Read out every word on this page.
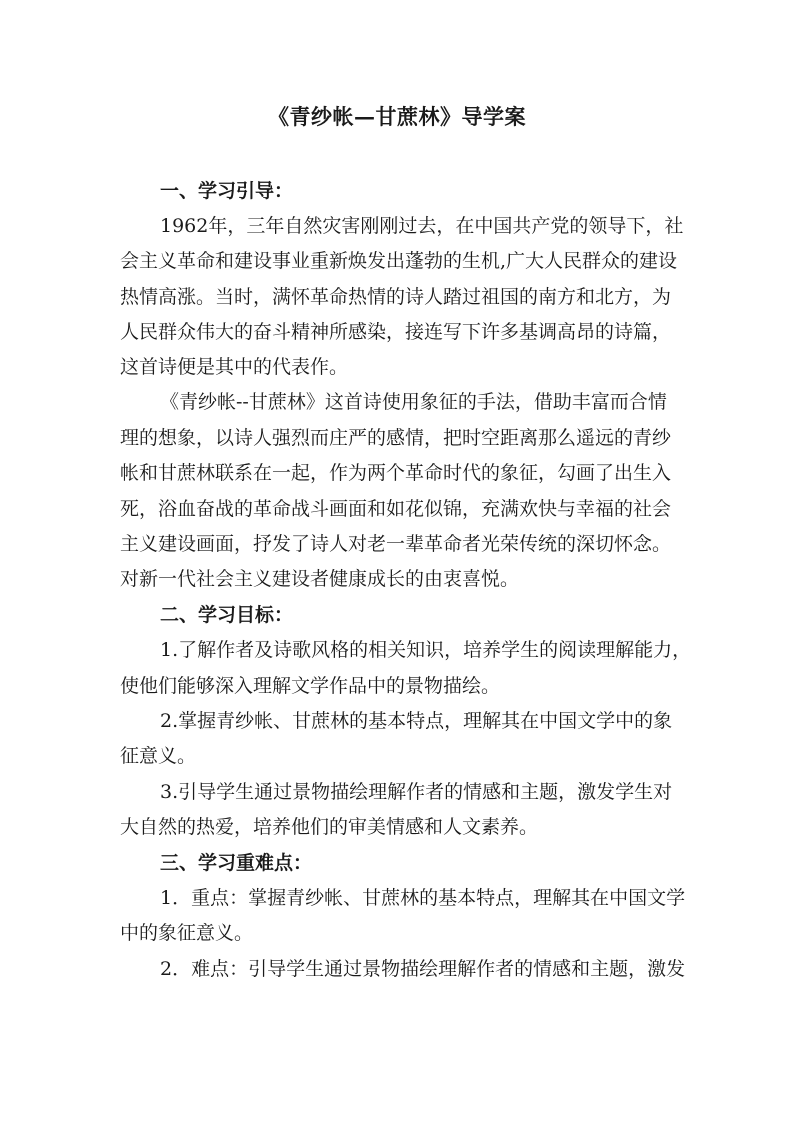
《青纱帐—甘蔗林》导学案
一、学习引导：
1962年，三年自然灾害刚刚过去，在中国共产党的领导下，社
会主义革命和建设事业重新焕发出蓬勃的生机,广大人民群众的建设
热情高涨。当时，满怀革命热情的诗人踏过祖国的南方和北方，为
人民群众伟大的奋斗精神所感染，接连写下许多基调高昂的诗篇，
这首诗便是其中的代表作。
《青纱帐--甘蔗林》这首诗使用象征的手法，借助丰富而合情
理的想象，以诗人强烈而庄严的感情，把时空距离那么遥远的青纱
帐和甘蔗林联系在一起，作为两个革命时代的象征，勾画了出生入
死，浴血奋战的革命战斗画面和如花似锦，充满欢快与幸福的社会
主义建设画面，抒发了诗人对老一辈革命者光荣传统的深切怀念。
对新一代社会主义建设者健康成长的由衷喜悦。
二、学习目标：
1.了解作者及诗歌风格的相关知识，培养学生的阅读理解能力，
使他们能够深入理解文学作品中的景物描绘。
2.掌握青纱帐、甘蔗林的基本特点，理解其在中国文学中的象
征意义。
3.引导学生通过景物描绘理解作者的情感和主题，激发学生对
大自然的热爱，培养他们的审美情感和人文素养。
三、学习重难点：
1．重点：掌握青纱帐、甘蔗林的基本特点，理解其在中国文学
中的象征意义。
2．难点：引导学生通过景物描绘理解作者的情感和主题，激发
